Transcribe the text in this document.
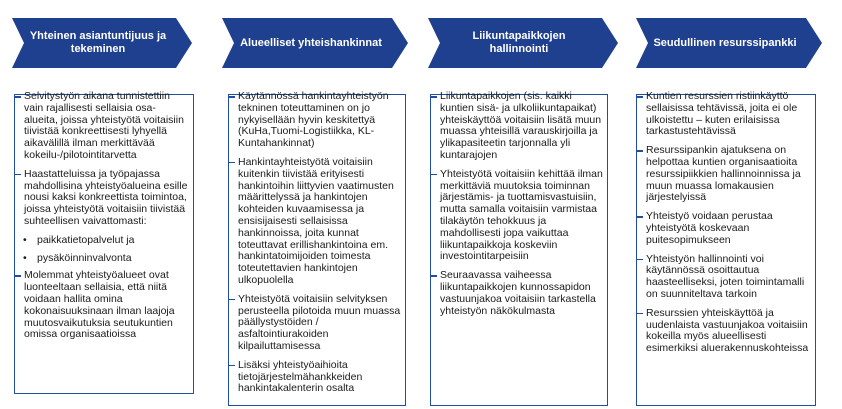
Yhteinen asiantuntijuus ja tekeminen
Alueelliset yhteishankinnat
Liikuntapaikkojen hallinnointi
Seudullinen resurssipankki
Selvitystyön aikana tunnistettiin vain rajallisesti sellaisia osa-alueita, joissa yhteistyötä voitaisiin tiivistää konkreettisesti lyhyellä aikavälillä ilman merkittävää kokeilu-/pilotointitarvetta
Haastatteluissa ja työpajassa mahdollisina yhteistyöalueina esille nousi kaksi konkreettista toimintoa, joissa yhteistyötä voitaisiin tiivistää suhteellisen vaivattomasti:
• paikkatietopalvelut ja
• pysäköinninvalvonta
Molemmat yhteistyöalueet ovat luonteeltaan sellaisia, että niitä voidaan hallita omina kokonaisuuksinaan ilman laajoja muutosvaikutuksia seutukuntien omissa organisaatioissa
Käytännössä hankintayhteistyön tekninen toteuttaminen on jo nykyisellään hyvin keskitettyä (KuHa,Tuomi-Logistiikka, KL-Kuntahankinnat)
Hankintayhteistyötä voitaisiin kuitenkin tiivistää erityisesti hankintoihin liittyvien vaatimusten määrittelyssä ja hankintojen kohteiden kuvaamisessa ja ensisijaisesti sellaisissa hankinnoissa, joita kunnat toteuttavat erillishankintoina em. hankintatoimijoiden toimesta toteutettavien hankintojen ulkopuolella
Yhteistyötä voitaisiin selvityksen perusteella pilotoida muun muassa päällystystöiden / asfaltointiurakoiden kilpailuttamisessa
Lisäksi yhteistyöaihioita tietojärjestelmähankkeiden hankintakalenterin osalta
Liikuntapaikkojen (sis. kaikki kuntien sisä- ja ulkoliikuntapaikat) yhteiskäyttöä voitaisiin lisätä muun muassa yhteisillä varauskirjoilla ja ylikapasiteetin tarjonnalla yli kuntarajojen
Yhteistyötä voitaisiin kehittää ilman merkittäviä muutoksia toiminnan järjestämis- ja tuottamisvastuisiin, mutta samalla voitaisiin varmistaa tilakäytön tehokkuus ja mahdollisesti jopa vaikuttaa liikuntapaikkoja koskeviin investointitarpeisiin
Seuraavassa vaiheessa liikuntapaikkojen kunnossapidon vastuunjakoa voitaisiin tarkastella yhteistyön näkökulmasta
Kuntien resurssien ristiinkäyttö sellaisissa tehtävissä, joita ei ole ulkoistettu – kuten erilaisissa tarkastustehtävissä
Resurssipankin ajatuksena on helpottaa kuntien organisaatioita resurssipiikkien hallinnoinnissa ja muun muassa lomakausien järjestelyissä
Yhteistyö voidaan perustaa yhteistyötä koskevaan puitesopimukseen
Yhteistyön hallinnointi voi käytännössä osoittautua haasteelliseksi, joten toimintamalli on suunniteltava tarkoin
Resurssien yhteiskäyttöä ja uudenlaista vastuunjakoa voitaisiin kokeilla myös alueellisesti esimerkiksi aluerakennuskohteissa
